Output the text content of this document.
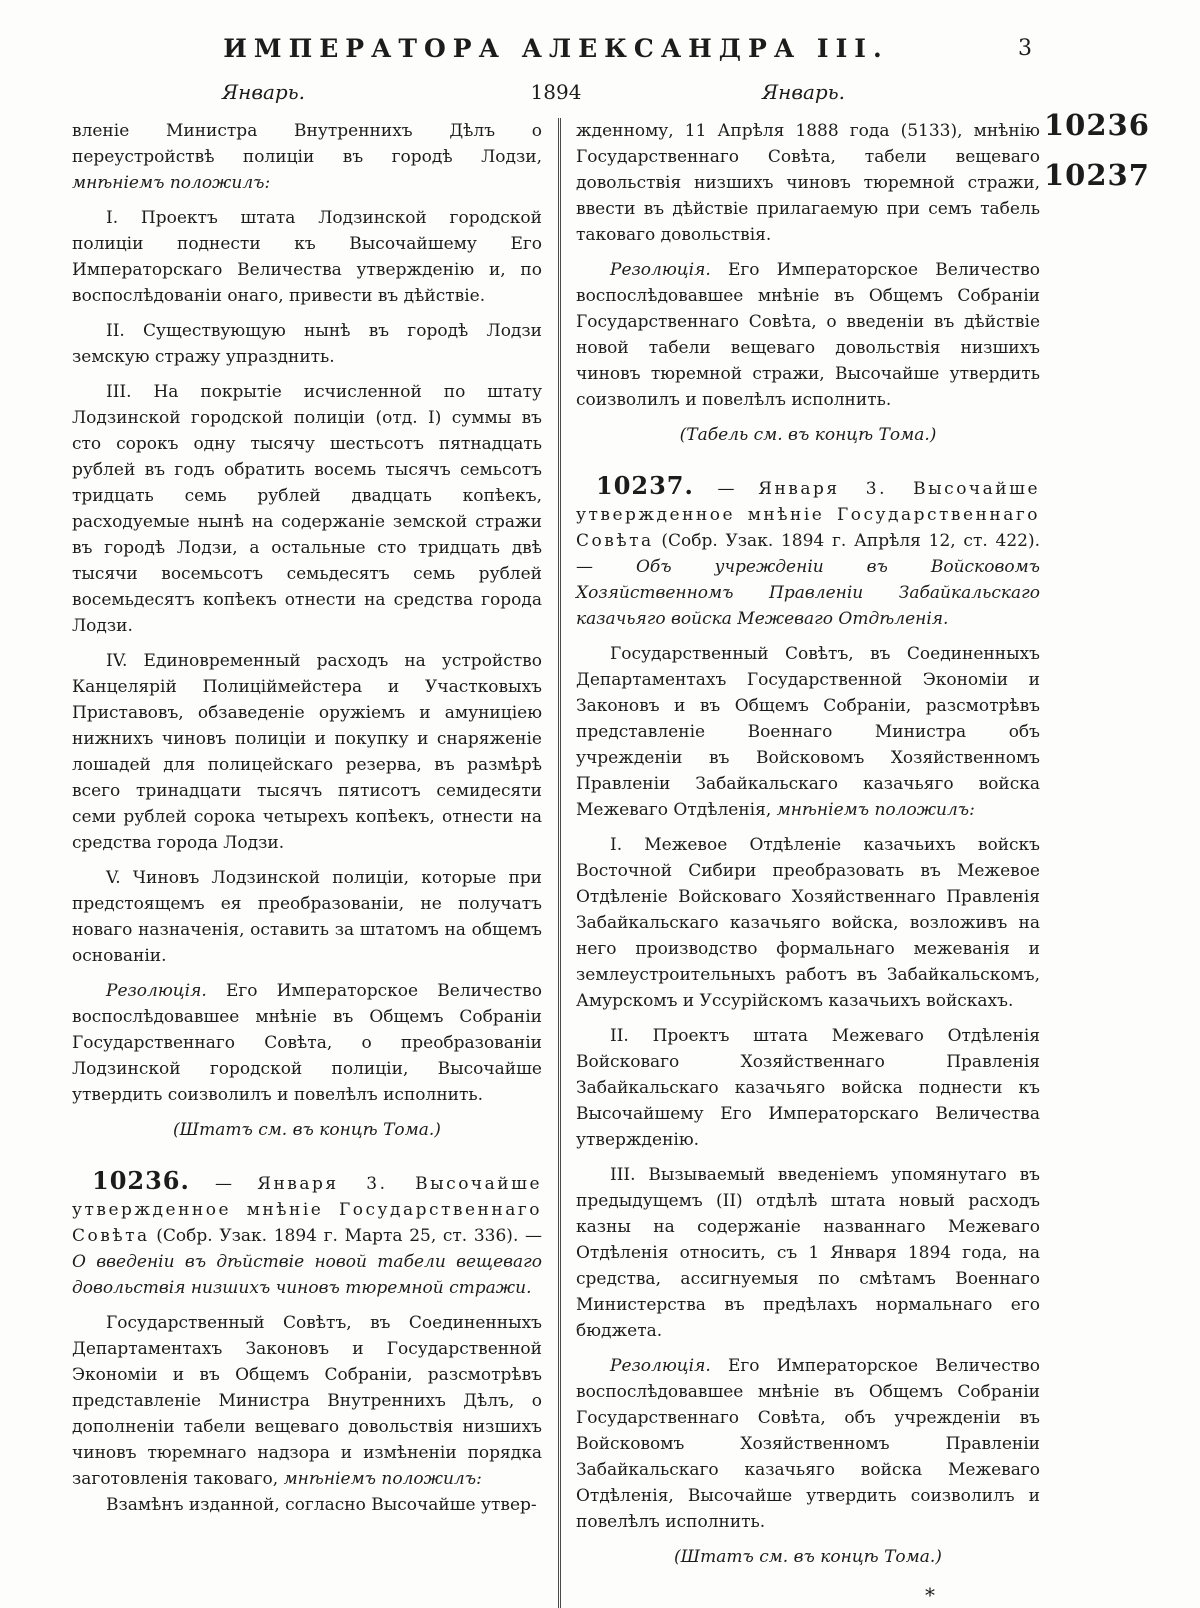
ИМПЕРАТОРА АЛЕКСАНДРА III.	3
Январь.	1894	Январь.

вленіе Министра Внутреннихъ Дѣлъ о переустройствѣ полиціи въ городѣ Лодзи, мнѣніемъ положилъ:

I. Проектъ штата Лодзинской городской полиціи поднести къ Высочайшему Его Императорскаго Величества утвержденію и, по воспослѣдованіи онаго, привести въ дѣйствіе.

II. Существующую нынѣ въ городѣ Лодзи земскую стражу упразднить.

III. На покрытіе исчисленной по штату Лодзинской городской полиціи (отд. I) суммы въ сто сорокъ одну тысячу шестьсотъ пятнадцать рублей въ годъ обратить восемь тысячъ семьсотъ тридцать семь рублей двадцать копѣекъ, расходуемые нынѣ на содержаніе земской стражи въ городѣ Лодзи, а остальные сто тридцать двѣ тысячи восемьсотъ семьдесятъ семь рублей восемьдесятъ копѣекъ отнести на средства города Лодзи.

IV. Единовременный расходъ на устройство Канцелярій Полиціймейстера и Участковыхъ Приставовъ, обзаведеніе оружіемъ и амуниціею нижнихъ чиновъ полиціи и покупку и снаряженіе лошадей для полицейскаго резерва, въ размѣрѣ всего тринадцати тысячъ пятисотъ семидесяти семи рублей сорока четырехъ копѣекъ, отнести на средства города Лодзи.

V. Чиновъ Лодзинской полиціи, которые при предстоящемъ ея преобразованіи, не получатъ новаго назначенія, оставить за штатомъ на общемъ основаніи.

Резолюція. Его Императорское Величество воспослѣдовавшее мнѣніе въ Общемъ Собраніи Государственнаго Совѣта, о преобразованіи Лодзинской городской полиціи, Высочайше утвердить соизволилъ и повелѣлъ исполнить.

(Штатъ см. въ концѣ Тома.)

10236. — Января 3. Высочайше утвержденное мнѣніе Государственнаго Совѣта (Собр. Узак. 1894 г. Марта 25, ст. 336). — О введеніи въ дѣйствіе новой табели вещеваго довольствія низшихъ чиновъ тюремной стражи.

Государственный Совѣтъ, въ Соединенныхъ Департаментахъ Законовъ и Государственной Экономіи и въ Общемъ Собраніи, разсмотрѣвъ представленіе Министра Внутреннихъ Дѣлъ, о дополненіи табели вещеваго довольствія низшихъ чиновъ тюремнаго надзора и измѣненіи порядка заготовленія таковаго, мнѣніемъ положилъ:

Взамѣнъ изданной, согласно Высочайше утвер-

жденному, 11 Апрѣля 1888 года (5133), мнѣнію Государственнаго Совѣта, табели вещеваго довольствія низшихъ чиновъ тюремной стражи, ввести въ дѣйствіе прилагаемую при семъ табель таковаго довольствія.

Резолюція. Его Императорское Величество воспослѣдовавшее мнѣніе въ Общемъ Собраніи Государственнаго Совѣта, о введеніи въ дѣйствіе новой табели вещеваго довольствія низшихъ чиновъ тюремной стражи, Высочайше утвердить соизволилъ и повелѣлъ исполнить.

(Табель см. въ концѣ Тома.)

10237. — Января 3. Высочайше утвержденное мнѣніе Государственнаго Совѣта (Собр. Узак. 1894 г. Апрѣля 12, ст. 422). — Объ учрежденіи въ Войсковомъ Хозяйственномъ Правленіи Забайкальскаго казачьяго войска Межеваго Отдѣленія.

Государственный Совѣтъ, въ Соединенныхъ Департаментахъ Государственной Экономіи и Законовъ и въ Общемъ Собраніи, разсмотрѣвъ представленіе Военнаго Министра объ учрежденіи въ Войсковомъ Хозяйственномъ Правленіи Забайкальскаго казачьяго войска Межеваго Отдѣленія, мнѣніемъ положилъ:

I. Межевое Отдѣленіе казачьихъ войскъ Восточной Сибири преобразовать въ Межевое Отдѣленіе Войсковаго Хозяйственнаго Правленія Забайкальскаго казачьяго войска, возложивъ на него производство формальнаго межеванія и землеустроительныхъ работъ въ Забайкальскомъ, Амурскомъ и Уссурійскомъ казачьихъ войскахъ.

II. Проектъ штата Межеваго Отдѣленія Войсковаго Хозяйственнаго Правленія Забайкальскаго казачьяго войска поднести къ Высочайшему Его Императорскаго Величества утвержденію.

III. Вызываемый введеніемъ упомянутаго въ предыдущемъ (II) отдѣлѣ штата новый расходъ казны на содержаніе названнаго Межеваго Отдѣленія относить, съ 1 Января 1894 года, на средства, ассигнуемыя по смѣтамъ Военнаго Министерства въ предѣлахъ нормальнаго его бюджета.

Резолюція. Его Императорское Величество воспослѣдовавшее мнѣніе въ Общемъ Собраніи Государственнаго Совѣта, объ учрежденіи въ Войсковомъ Хозяйственномъ Правленіи Забайкальскаго казачьяго войска Межеваго Отдѣленія, Высочайше утвердить соизволилъ и повелѣлъ исполнить.

(Штатъ см. въ концѣ Тома.)

*

10236
10237
